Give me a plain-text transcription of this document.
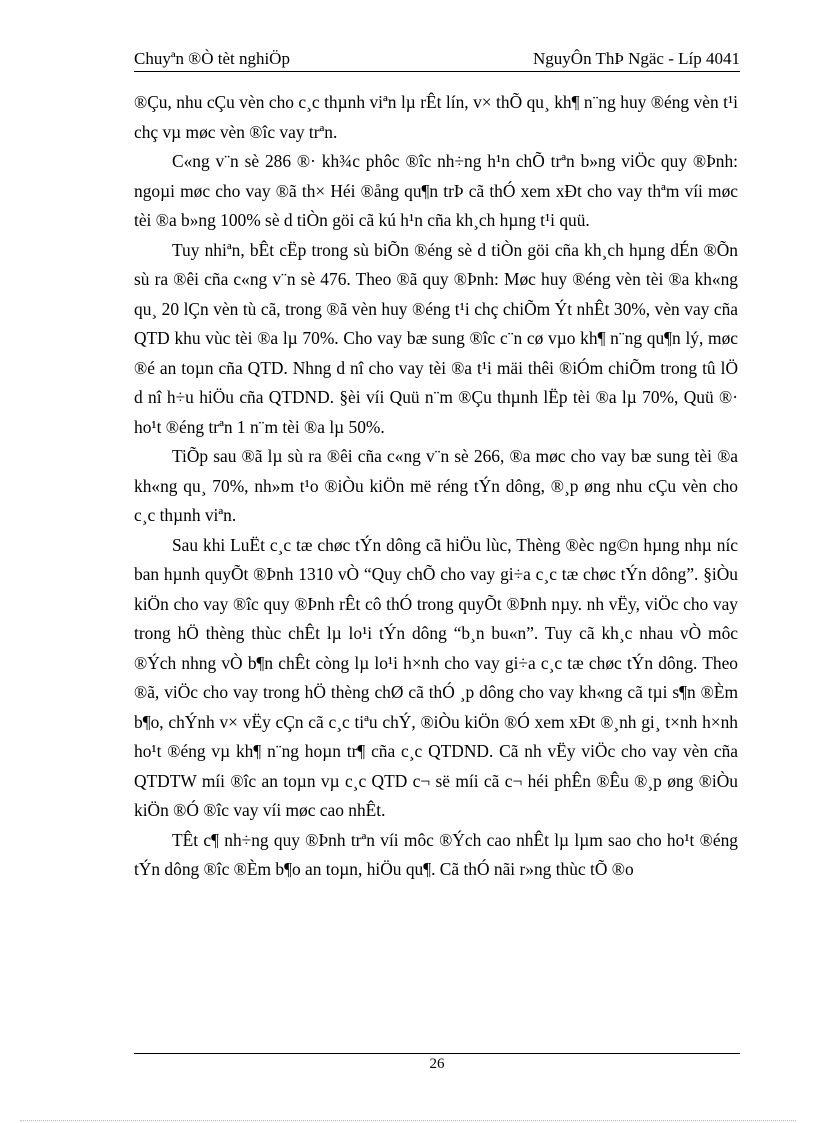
Chuyªn ®Ò tèt nghiÖp	NguyÔn ThÞ Ngäc - Líp 4041

®Çu, nhu cÇu vèn cho c¸c thµnh viªn lµ rÊt lín, v× thÕ qu¸ kh¶ n¨ng huy ®éng vèn t¹i chç vµ møc vèn ®îc vay trªn.

C«ng v¨n sè 286 ®· kh¾c phôc ®îc nh÷ng h¹n chÕ trªn b»ng viÖc quy ®Þnh: ngoµi møc cho vay ®ã th× Héi ®ång qu¶n trÞ cã thÓ xem xÐt cho vay thªm víi møc tèi ®a b»ng 100% sè d tiÒn göi cã kú h¹n cña kh¸ch hµng t¹i quü.

Tuy nhiªn, bÊt cËp trong sù biÕn ®éng sè d tiÒn göi cña kh¸ch hµng dÉn ®Õn sù ra ®êi cña c«ng v¨n sè 476. Theo ®ã quy ®Þnh: Møc huy ®éng vèn tèi ®a kh«ng qu¸ 20 lÇn vèn tù cã, trong ®ã vèn huy ®éng t¹i chç chiÕm Ýt nhÊt 30%, vèn vay cña QTD khu vùc tèi ®a lµ 70%. Cho vay bæ sung ®îc c¨n cø vµo kh¶ n¨ng qu¶n lý, møc ®é an toµn cña QTD. Nhng d nî cho vay tèi ®a t¹i mäi thêi ®iÓm chiÕm trong tû lÖ d nî h÷u hiÖu cña QTDND. §èi víi Quü n¨m ®Çu thµnh lËp tèi ®a lµ 70%, Quü ®· ho¹t ®éng trªn 1 n¨m tèi ®a lµ 50%.

TiÕp sau ®ã lµ sù ra ®êi cña c«ng v¨n sè 266, ®a møc cho vay bæ sung tèi ®a kh«ng qu¸ 70%, nh»m t¹o ®iÒu kiÖn më réng tÝn dông, ®¸p øng nhu cÇu vèn cho c¸c thµnh viªn.

Sau khi LuËt c¸c tæ chøc tÝn dông cã hiÖu lùc, Thèng ®èc ng©n hµng nhµ níc ban hµnh quyÕt ®Þnh 1310 vÒ “Quy chÕ cho vay gi÷a c¸c tæ chøc tÝn dông”. §iÒu kiÖn cho vay ®îc quy ®Þnh rÊt cô thÓ trong quyÕt ®Þnh nµy. nh vËy, viÖc cho vay trong hÖ thèng thùc chÊt lµ lo¹i tÝn dông “b¸n bu«n”. Tuy cã kh¸c nhau vÒ môc ®Ých nhng vÒ b¶n chÊt còng lµ lo¹i h×nh cho vay gi÷a c¸c tæ chøc tÝn dông. Theo ®ã, viÖc cho vay trong hÖ thèng chØ cã thÓ ¸p dông cho vay kh«ng cã tµi s¶n ®Èm b¶o, chÝnh v× vËy cÇn cã c¸c tiªu chÝ, ®iÒu kiÖn ®Ó xem xÐt ®¸nh gi¸ t×nh h×nh ho¹t ®éng vµ kh¶ n¨ng hoµn tr¶ cña c¸c QTDND. Cã nh vËy viÖc cho vay vèn cña QTDTW míi ®îc an toµn vµ c¸c QTD c¬ së míi cã c¬ héi phÊn ®Êu ®¸p øng ®iÒu kiÖn ®Ó ®îc vay víi møc cao nhÊt.

TÊt c¶ nh÷ng quy ®Þnh trªn víi môc ®Ých cao nhÊt lµ lµm sao cho ho¹t ®éng tÝn dông ®îc ®Èm b¶o an toµn, hiÖu qu¶. Cã thÓ nãi r»ng thùc tÕ ®o

26
